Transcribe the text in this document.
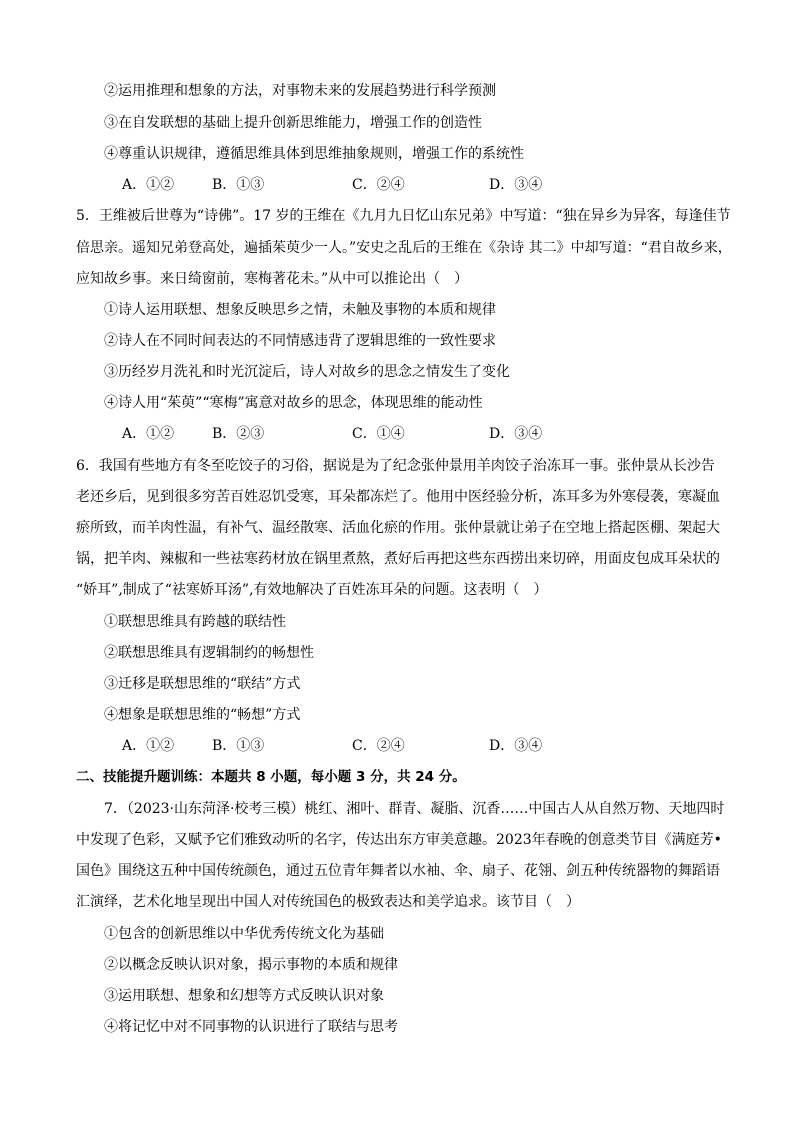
②运用推理和想象的方法，对事物未来的发展趋势进行科学预测
③在自发联想的基础上提升创新思维能力，增强工作的创造性
④尊重认识规律，遵循思维具体到思维抽象规则，增强工作的系统性
A．①②	B．①③	C．②④	D．③④
5．王维被后世尊为“诗佛”。17 岁的王维在《九月九日忆山东兄弟》中写道：“独在异乡为异客，每逢佳节
倍思亲。遥知兄弟登高处，遍插茱萸少一人。”安史之乱后的王维在《杂诗 其二》中却写道：“君自故乡来，
应知故乡事。来日绮窗前，寒梅著花未。”从中可以推论出（　）
①诗人运用联想、想象反映思乡之情，未触及事物的本质和规律
②诗人在不同时间表达的不同情感违背了逻辑思维的一致性要求
③历经岁月洗礼和时光沉淀后，诗人对故乡的思念之情发生了变化
④诗人用“茱萸”“寒梅”寓意对故乡的思念，体现思维的能动性
A．①②	B．②③	C．①④	D．③④
6．我国有些地方有冬至吃饺子的习俗，据说是为了纪念张仲景用羊肉饺子治冻耳一事。张仲景从长沙告
老还乡后，见到很多穷苦百姓忍饥受寒，耳朵都冻烂了。他用中医经验分析，冻耳多为外寒侵袭，寒凝血
瘀所致，而羊肉性温，有补气、温经散寒、活血化瘀的作用。张仲景就让弟子在空地上搭起医棚、架起大
锅，把羊肉、辣椒和一些祛寒药材放在锅里煮熬，煮好后再把这些东西捞出来切碎，用面皮包成耳朵状的
“娇耳”,制成了“祛寒娇耳汤”,有效地解决了百姓冻耳朵的问题。这表明（　）
①联想思维具有跨越的联结性
②联想思维具有逻辑制约的畅想性
③迁移是联想思维的“联结”方式
④想象是联想思维的“畅想”方式
A．①②	B．①③	C．②④	D．③④
二、技能提升题训练：本题共 8 小题，每小题 3 分，共 24 分。
7．（2023·山东菏泽·校考三模）桃红、湘叶、群青、凝脂、沉香……中国古人从自然万物、天地四时
中发现了色彩，又赋予它们雅致动听的名字，传达出东方审美意趣。2023年春晚的创意类节目《满庭芳•
国色》围绕这五种中国传统颜色，通过五位青年舞者以水袖、伞、扇子、花翎、剑五种传统器物的舞蹈语
汇演绎，艺术化地呈现出中国人对传统国色的极致表达和美学追求。该节目（　）
①包含的创新思维以中华优秀传统文化为基础
②以概念反映认识对象，揭示事物的本质和规律
③运用联想、想象和幻想等方式反映认识对象
④将记忆中对不同事物的认识进行了联结与思考
